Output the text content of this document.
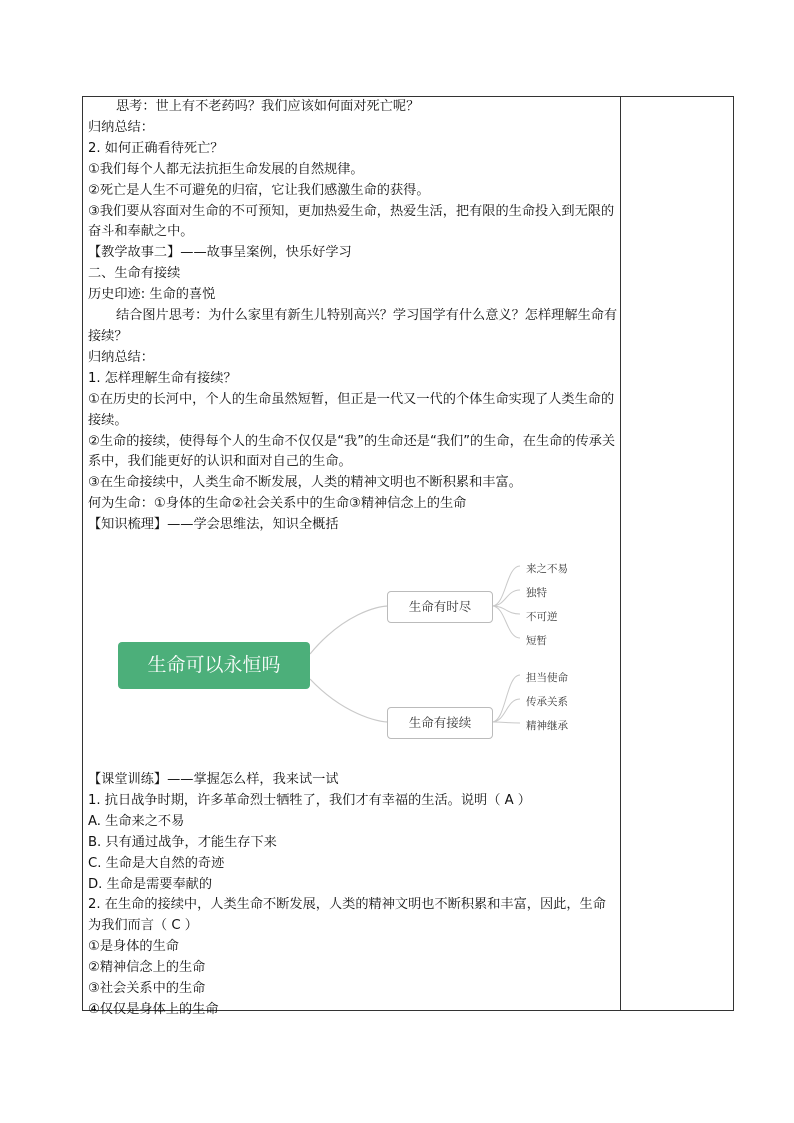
思考：世上有不老药吗？我们应该如何面对死亡呢？
归纳总结：
2. 如何正确看待死亡？
①我们每个人都无法抗拒生命发展的自然规律。
②死亡是人生不可避免的归宿，它让我们感激生命的获得。
③我们要从容面对生命的不可预知，更加热爱生命，热爱生活，把有限的生命投入到无限的奋斗和奉献之中。
【教学故事二】——故事呈案例，快乐好学习
二、生命有接续
历史印迹: 生命的喜悦
结合图片思考：为什么家里有新生儿特别高兴？学习国学有什么意义？怎样理解生命有接续？
归纳总结：
1. 怎样理解生命有接续？
①在历史的长河中，个人的生命虽然短暂，但正是一代又一代的个体生命实现了人类生命的接续。
②生命的接续，使得每个人的生命不仅仅是“我”的生命还是“我们”的生命，在生命的传承关系中，我们能更好的认识和面对自己的生命。
③在生命接续中，人类生命不断发展，人类的精神文明也不断积累和丰富。
何为生命：①身体的生命②社会关系中的生命③精神信念上的生命
【知识梳理】——学会思维法，知识全概括
生命可以永恒吗
生命有时尽
生命有接续
来之不易
独特
不可逆
短暂
担当使命
传承关系
精神继承
【课堂训练】——掌握怎么样，我来试一试
1. 抗日战争时期，许多革命烈士牺牲了，我们才有幸福的生活。说明（ A ）
A. 生命来之不易
B. 只有通过战争，才能生存下来
C. 生命是大自然的奇迹
D. 生命是需要奉献的
2. 在生命的接续中，人类生命不断发展，人类的精神文明也不断积累和丰富，因此，生命为我们而言（ C ）
①是身体的生命
②精神信念上的生命
③社会关系中的生命
④仅仅是身体上的生命
